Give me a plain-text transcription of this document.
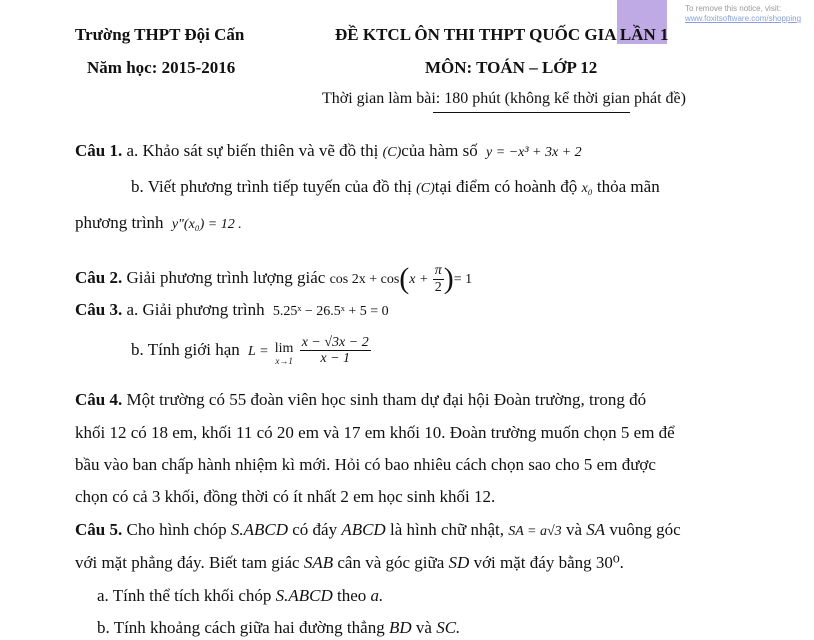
To remove this notice, visit:
www.foxitsoftware.com/shopping
Trường THPT Đội Cấn
Năm học: 2015-2016
ĐỀ KTCL ÔN THI THPT QUỐC GIA LẦN 1
MÔN: TOÁN – LỚP 12
Thời gian làm bài: 180 phút (không kể thời gian phát đề)
Câu 1. a. Khảo sát sự biến thiên và vẽ đồ thị (C)của hàm số y = −x³ + 3x + 2
b. Viết phương trình tiếp tuyến của đồ thị (C)tại điểm có hoành độ x₀ thỏa mãn
phương trình y"(x₀) = 12 .
Câu 2. Giải phương trình lượng giác $\cos 2x + \cos(x + \frac{\pi}{2}$ )= 1
Câu 3. a. Giải phương trình 5.25ˣ − 26.5ˣ + 5 = 0
b. Tính giới hạn L = lim
x→1
$\frac{x - √3x - 2}{x - 1}$
Câu 4. Một trường có 55 đoàn viên học sinh tham dự đại hội Đoàn trường, trong đó
khối 12 có 18 em, khối 11 có 20 em và 17 em khối 10. Đoàn trường muốn chọn 5 em để
bầu vào ban chấp hành nhiệm kì mới. Hỏi có bao nhiêu cách chọn sao cho 5 em được
chọn có cả 3 khối, đồng thời có ít nhất 2 em học sinh khối 12.
Câu 5. Cho hình chóp S.ABCD có đáy ABCD là hình chữ nhật, SA = a√3 và SA vuông góc
với mặt phẳng đáy. Biết tam giác SAB cân và góc giữa SD với mặt đáy bằng 30⁰.
a. Tính thể tích khối chóp S.ABCD theo a.
b. Tính khoảng cách giữa hai đường thẳng BD và SC.
